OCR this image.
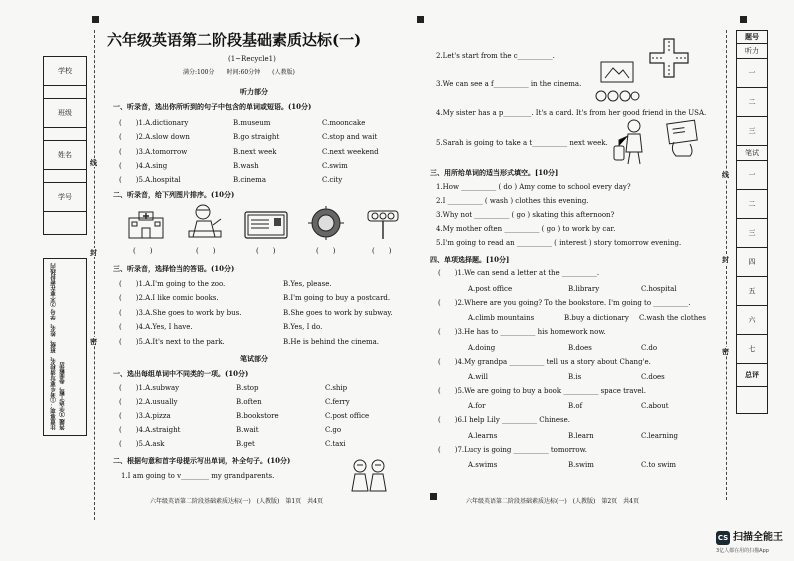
学校
班级
姓名
学号
注意事项：①考生要写清校名、班级、姓名、学号 ②不要在密封线内答题 ③字迹工整，卷面整洁
线
封
密
六年级英语第二阶段基础素质达标(一)
(1~Recycle1)
满分:100分　　时间:60分钟　　(人教版)
听力部分
一、听录音，选出你所听到的句子中包含的单词或短语。(10分)
(　　)1.A.dictionary	B.museum	C.mooncake
(　　)2.A.slow down	B.go straight	C.stop and wait
(　　)3.A.tomorrow	B.next week	C.next weekend
(　　)4.A.sing	B.wash	C.swim
(　　)5.A.hospital	B.cinema	C.city
二、听录音，给下列图片排序。(10分)
(　　)	(　　)	(　　)	(　　)	(　　)
三、听录音，选择恰当的答语。(10分)
(　　)1.A.I'm going to the zoo.	B.Yes, please.
(　　)2.A.I like comic books.	B.I'm going to buy a postcard.
(　　)3.A.She goes to work by bus.	B.She goes to work by subway.
(　　)4.A.Yes, I have.	B.Yes, I do.
(　　)5.A.It's next to the park.	B.He is behind the cinema.
笔试部分
一、选出每组单词中不同类的一项。(10分)
(　　)1.A.subway	B.stop	C.ship
(　　)2.A.usually	B.often	C.ferry
(　　)3.A.pizza	B.bookstore	C.post office
(　　)4.A.straight	B.wait	C.go
(　　)5.A.ask	B.get	C.taxi
二、根据句意和首字母提示写出单词，补全句子。(10分)
1.I am going to v________ my grandparents.
六年级英语第二阶段基础素质达标(一)　(人教版)　第1页　共4页
2.Let's start from the c__________.
3.We can see a f__________ in the cinema.
4.My sister has a p________. It's a card. It's from her good friend in the USA.
5.Sarah is going to take a t__________ next week.
三、用所给单词的适当形式填空。[10分]
1.How __________ ( do ) Amy come to school every day?
2.I __________ ( wash ) clothes this evening.
3.Why not __________ ( go ) skating this afternoon?
4.My mother often __________ ( go ) to work by car.
5.I'm going to read an __________ ( interest ) story tomorrow evening.
四、单项选择题。[10分]
(　　)1.We can send a letter at the __________.
A.post office	B.library	C.hospital
(　　)2.Where are you going? To the bookstore. I'm going to __________.
A.climb mountains	B.buy a dictionary C.wash the clothes
(　　)3.He has to __________ his homework now.
A.doing	B.does	C.do
(　　)4.My grandpa __________ tell us a story about Chang'e.
A.will	B.is	C.does
(　　)5.We are going to buy a book __________ space travel.
A.for	B.of	C.about
(　　)6.I help Lily __________ Chinese.
A.learns	B.learn	C.learning
(　　)7.Lucy is going __________ tomorrow.
A.swims	B.swim	C.to swim
六年级英语第二阶段基础素质达标(一)　(人教版)　第2页　共4页
线
封
密
题号
听力
一
二
三
笔试
一
二
三
四
五
六
七
总评
CS 扫描全能王
3亿人都在用的扫描App
